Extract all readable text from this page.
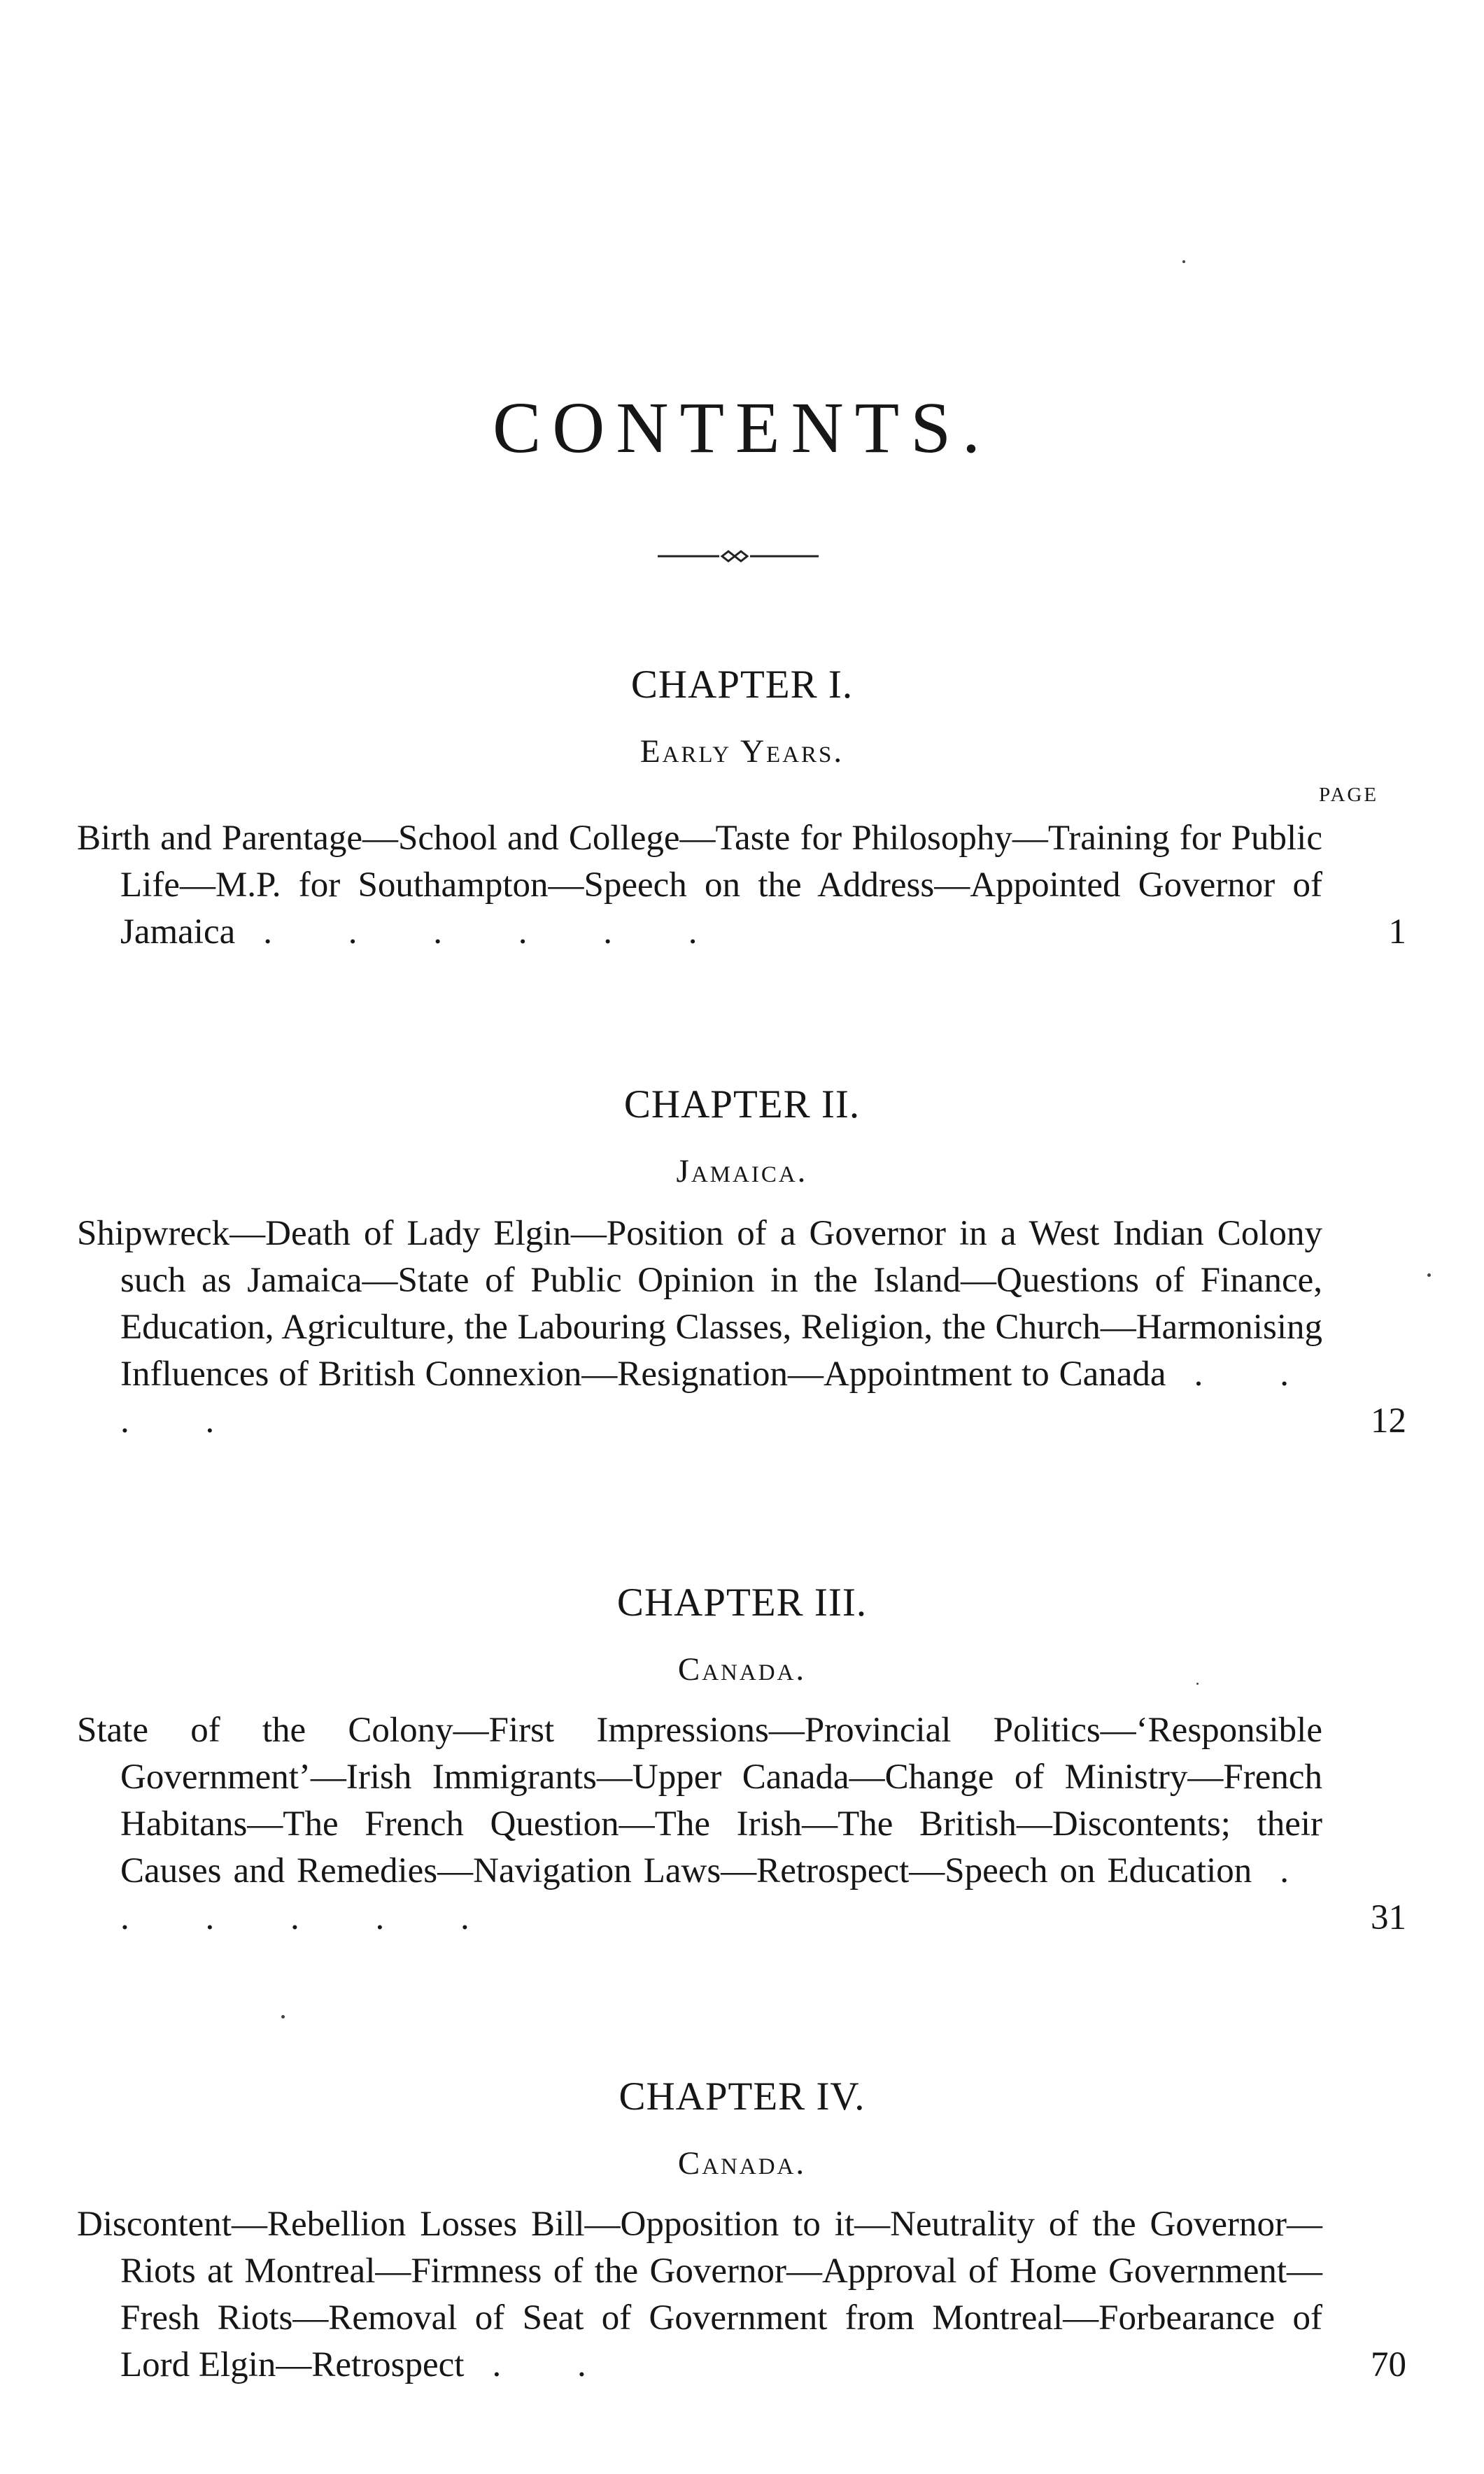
CONTENTS.
CHAPTER I.
Early Years.
PAGE
Birth and Parentage—School and College—Taste for Philosophy—Training for Public Life—M.P. for Southampton—Speech on the Address—Appointed Governor of Jamaica . . . . . .	1
CHAPTER II.
Jamaica.
Shipwreck—Death of Lady Elgin—Position of a Governor in a West Indian Colony such as Jamaica—State of Public Opinion in the Island—Questions of Finance, Education, Agriculture, the Labouring Classes, Religion, the Church—Harmonising Influences of British Connexion—Resignation—Appointment to Canada . . . .	12
CHAPTER III.
Canada.
State of the Colony—First Impressions—Provincial Politics—‘Responsible Government’—Irish Immigrants—Upper Canada—Change of Ministry—French Habitans—The French Question—The Irish—The British—Discontents; their Causes and Remedies—Navigation Laws—Retrospect—Speech on Education . . . . . .	31
CHAPTER IV.
Canada.
Discontent—Rebellion Losses Bill—Opposition to it—Neutrality of the Governor—Riots at Montreal—Firmness of the Governor—Approval of Home Government—Fresh Riots—Removal of Seat of Government from Montreal—Forbearance of Lord Elgin—Retrospect . .	70
